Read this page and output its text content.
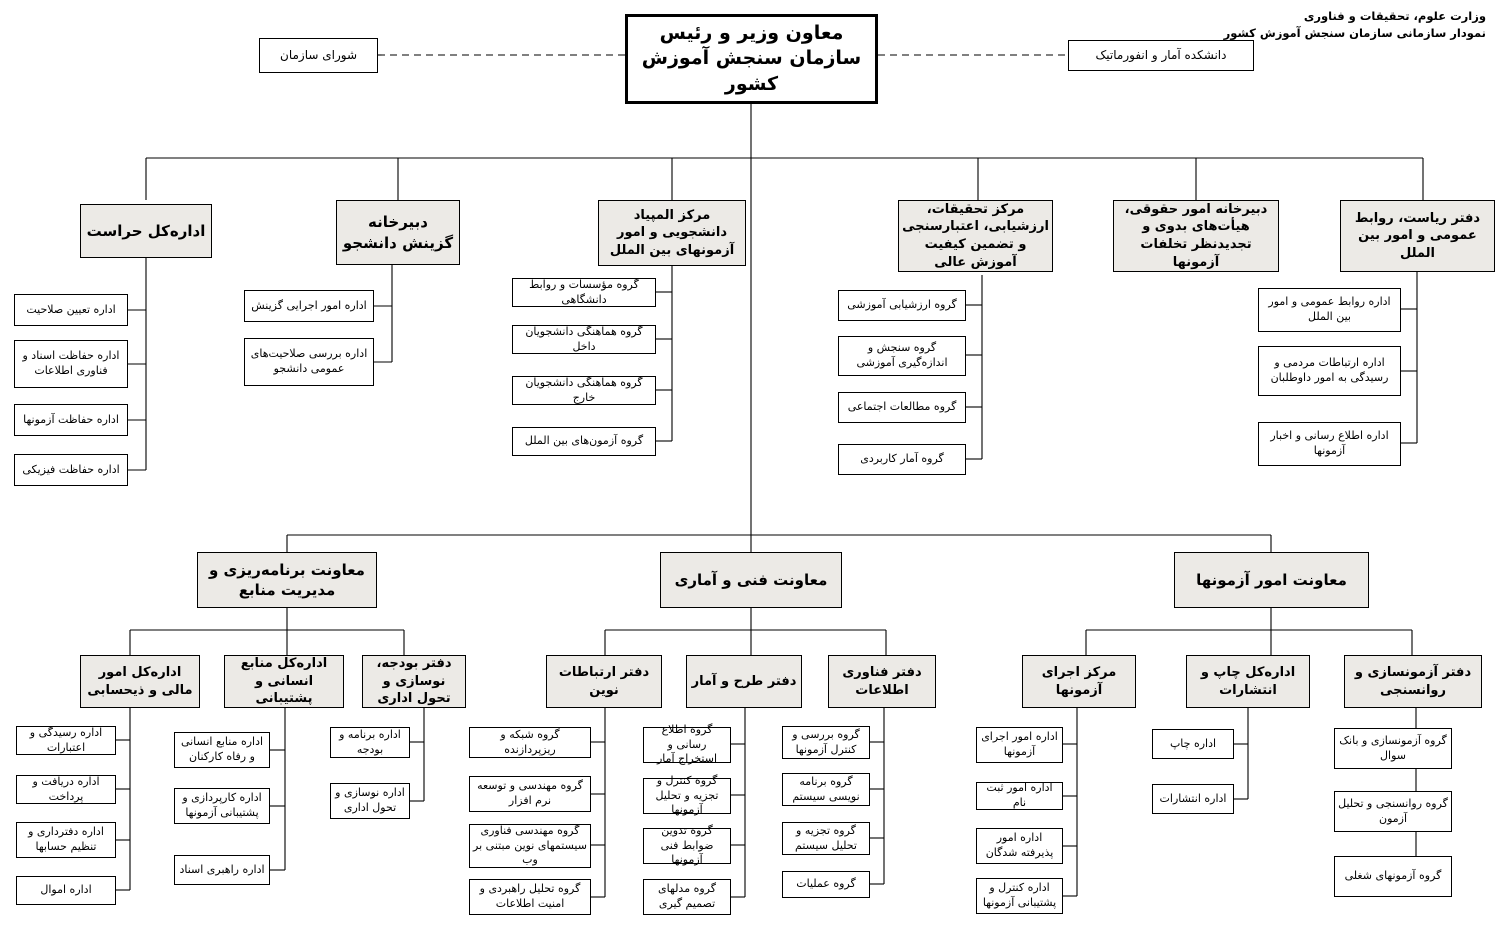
وزارت علوم، تحقیقات و فناوری
نمودار سازمانی سازمان سنجش آموزش کشور
معاون وزیر و رئیس سازمان سنجش آموزش کشور
شورای سازمان	دانشکده آمار و انفورماتیک
دفتر ریاست، روابط عمومی و امور بین الملل
دبیرخانه امور حقوقی، هیأت‌های بدوی و تجدیدنظر تخلفات آزمونها
مرکز تحقیقات، ارزشیابی، اعتبارسنجی و تضمین کیفیت آموزش عالی
مرکز المپیاد دانشجویی و امور آزمونهای بین الملل
دبیرخانه گزینش دانشجو
اداره‌کل حراست
اداره روابط عمومی و امور بین الملل
اداره ارتباطات مردمی و رسیدگی به امور داوطلبان
اداره اطلاع رسانی و اخبار آزمونها
گروه ارزشیابی آموزشی
گروه سنجش و اندازه‌گیری آموزشی
گروه مطالعات اجتماعی
گروه آمار کاربردی
گروه مؤسسات و روابط دانشگاهی
گروه هماهنگی دانشجویان داخل
گروه هماهنگی دانشجویان خارج
گروه آزمون‌های بین الملل
اداره امور اجرایی گزینش
اداره بررسی صلاحیت‌های عمومی دانشجو
اداره تعیین صلاحیت
اداره حفاظت اسناد و فناوری اطلاعات
اداره حفاظت آزمونها
اداره حفاظت فیزیکی
معاونت امور آزمونها
معاونت فنی و آماری
معاونت برنامه‌ریزی و مدیریت منابع
دفتر آزمونسازی و روانسنجی
اداره‌کل چاپ و انتشارات
مرکز اجرای آزمونها
دفتر فناوری اطلاعات
دفتر طرح و آمار
دفتر ارتباطات نوین
دفتر بودجه، نوسازی و تحول اداری
اداره‌کل منابع انسانی و پشتیبانی
اداره‌کل امور مالی و ذیحسابی
گروه آزمونسازی و بانک سوال
گروه روانسنجی و تحلیل آزمون
گروه آزمونهای شغلی
اداره چاپ
اداره انتشارات
اداره امور اجرای آزمونها
اداره امور ثبت نام
اداره امور پذیرفته شدگان
اداره کنترل و پشتیبانی آزمونها
گروه بررسی و کنترل آزمونها
گروه برنامه نویسی سیستم
گروه تجزیه و تحلیل سیستم
گروه عملیات
گروه اطلاع رسانی و استخراج آمار
گروه کنترل و تجزیه و تحلیل آزمونها
گروه تدوین ضوابط فنی آزمونها
گروه مدلهای تصمیم گیری
گروه شبکه و ریزپردازنده
گروه مهندسی و توسعه نرم افزار
گروه مهندسی فناوری سیستمهای نوین مبتنی بر وب
گروه تحلیل راهبردی و امنیت اطلاعات
اداره برنامه و بودجه
اداره نوسازی و تحول اداری
اداره منابع انسانی و رفاه کارکنان
اداره کارپردازی و پشتیبانی آزمونها
اداره راهبری اسناد
اداره رسیدگی و اعتبارات
اداره دریافت و پرداخت
اداره دفترداری و تنظیم حسابها
اداره اموال
